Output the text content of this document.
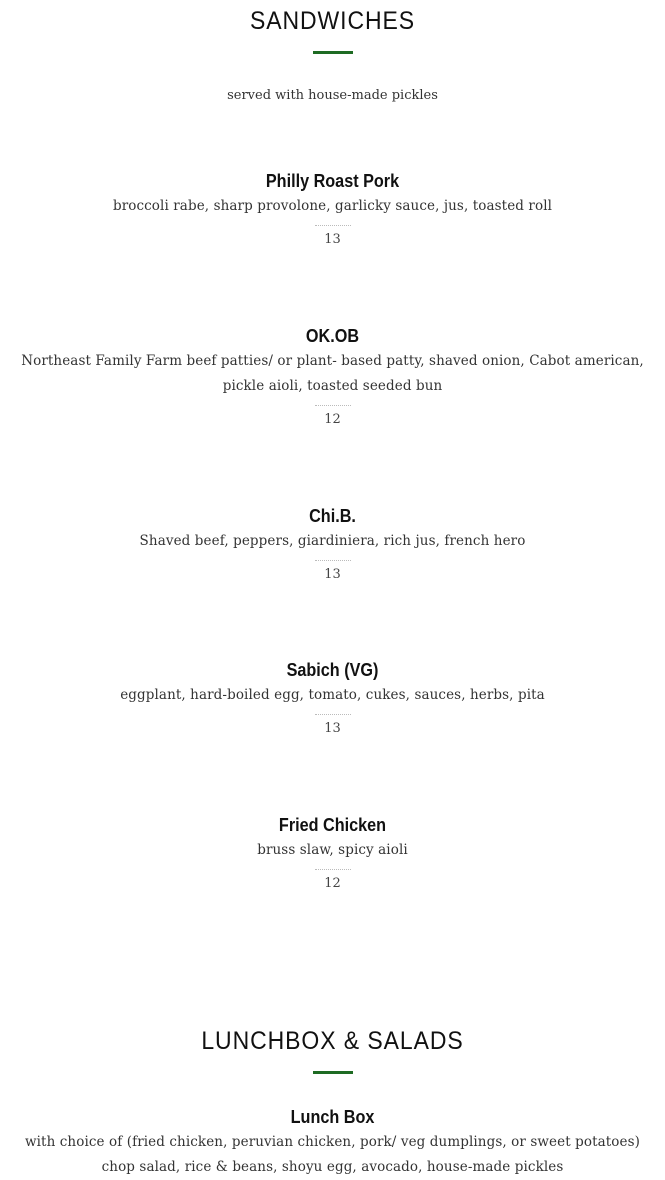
SANDWICHES
served with house-made pickles
Philly Roast Pork
broccoli rabe, sharp provolone, garlicky sauce, jus, toasted roll
13
OK.OB
Northeast Family Farm beef patties/ or plant- based patty, shaved onion, Cabot american, pickle aioli, toasted seeded bun
12
Chi.B.
Shaved beef, peppers, giardiniera, rich jus, french hero
13
Sabich (VG)
eggplant, hard-boiled egg, tomato, cukes, sauces, herbs, pita
13
Fried Chicken
bruss slaw, spicy aioli
12
LUNCHBOX & SALADS
Lunch Box
with choice of (fried chicken, peruvian chicken, pork/ veg dumplings, or sweet potatoes) chop salad, rice & beans, shoyu egg, avocado, house-made pickles
